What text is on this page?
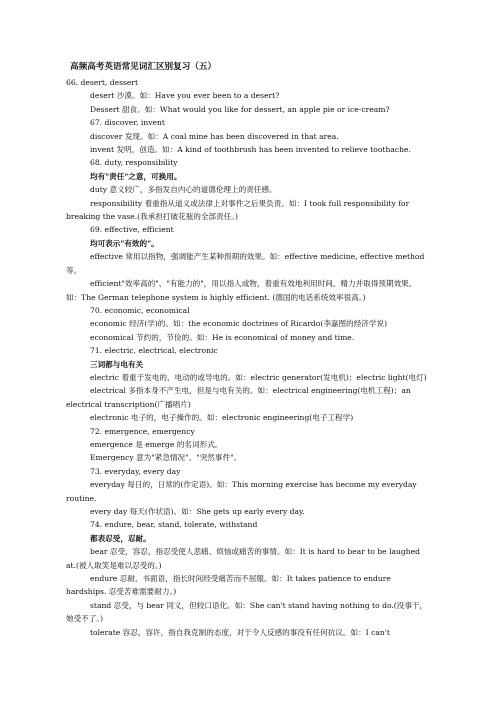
高频高考英语常见词汇区别复习（五）
66. desert, dessert
desert 沙漠。如：Have you ever been to a desert?
Dessert 甜食。如：What would you like for dessert, an apple pie or ice-cream?
67. discover, invent
discover 发现。如：A coal mine has been discovered in that area.
invent 发明，创造。如：A kind of toothbrush has been invented to relieve toothache.
68. duty, responsibility
均有"责任"之意，可换用。
duty 意义较广，多指发自内心的道德伦理上的责任感。
responsibility 着重指从道义或法律上对事件之后果负责。如：I took full responsibility for breaking the vase.(我承担打破花瓶的全部责任。)
69. effective, efficient
均可表示"有效的"。
effective 常用以指物，强调能产生某种预期的效果。如：effective medicine, effective method 等。
efficient"效率高的"、"有能力的"，用以指人或物，着重有效地利用时间、精力并取得预期效果。如：The German telephone system is highly efficient. (德国的电话系统效率很高。)
70. economic, economical
economic 经济(学)的。如：the economic doctrines of Ricardo(李嘉图的经济学说)
economical 节约的，节俭的。如：He is economical of money and time.
71. electric, electrical, electronic
三词都与电有关
electric 着重于发电的，电动的或导电的。如：electric generator(发电机)；electric light(电灯)
electrical 多指本身不产生电，但是与电有关的。如：electrical engineering(电机工程)；an electrical transcription(广播唱片)
electronic 电子的，电子操作的。如：electronic engineering(电子工程学)
72. emergence, emergency
emergence 是 emerge 的名词形式。
Emergency 意为"紧急情况"、"突然事件"。
73. everyday, every day
everyday 每日的，日常的(作定语)。如：This morning exercise has become my everyday routine.
every day 每天(作状语)。如：She gets up early every day.
74. endure, bear, stand, tolerate, withstand
都表忍受，忍耐。
bear 忍受，容忍，指忍受使人悲痛、烦恼或痛苦的事情。如：It is hard to bear to be laughed at.(被人取笑是难以忍受的。)
endure 忍耐，书面语，指长时间经受痛苦而不屈服。如：It takes patience to endure hardships. 忍受苦难需要耐力。)
stand 忍受，与 bear 同义，但较口语化。如：She can't stand having nothing to do.(没事干，她受不了。)
tolerate 容忍，容许，指自我克制的态度，对于令人反感的事没有任何抗议。如：I can't
